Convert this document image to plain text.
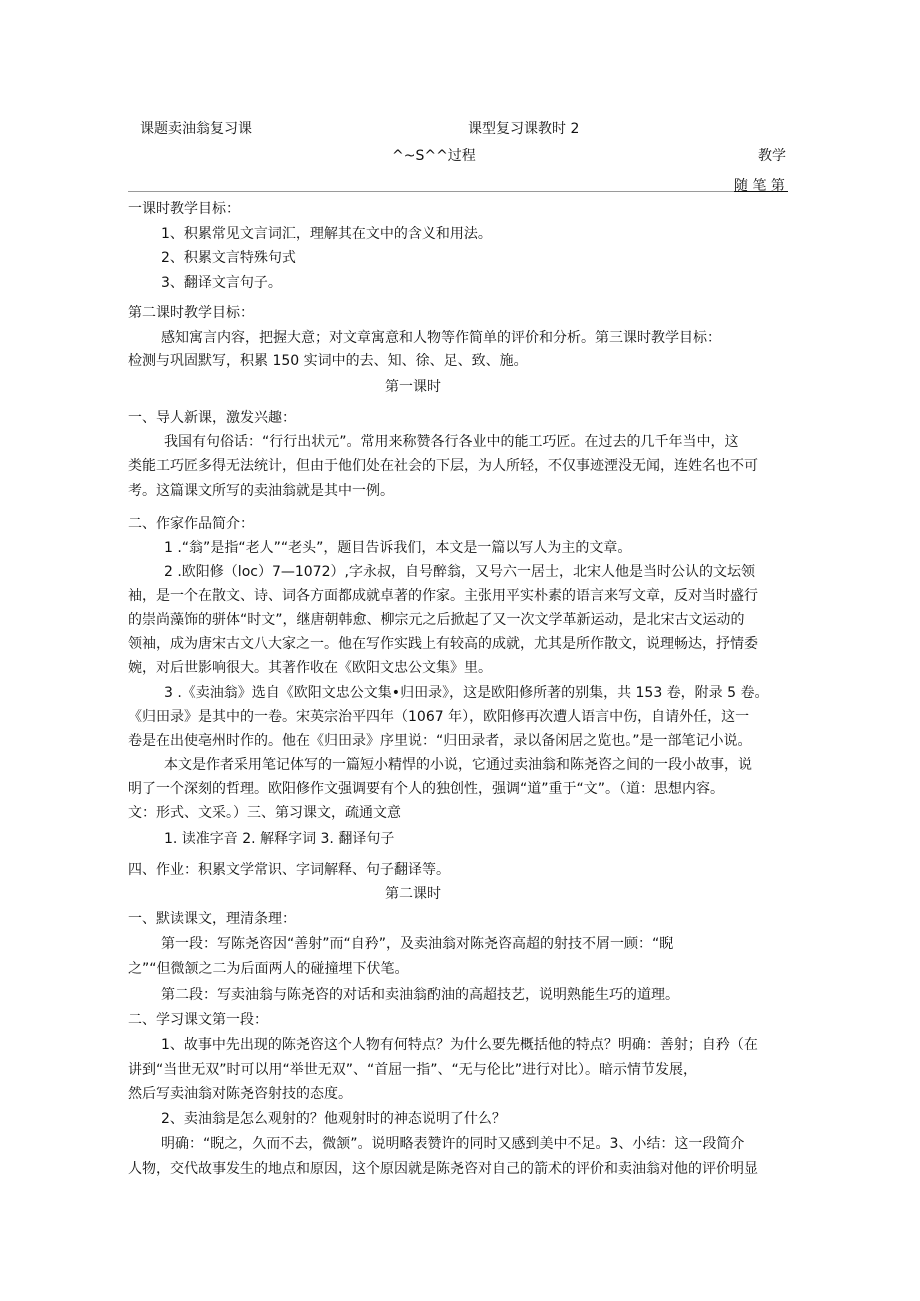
课题卖油翁复习课	课型复习课教时 2
^~S^^过程	教学
随 笔 第
一课时教学目标：
1、积累常见文言词汇，理解其在文中的含义和用法。
2、积累文言特殊句式
3、翻译文言句子。
第二课时教学目标：
感知寓言内容，把握大意；对文章寓意和人物等作简单的评价和分析。第三课时教学目标：
检测与巩固默写，积累 150 实词中的去、知、徐、足、致、施。
第一课时
一、导人新课，激发兴趣：
我国有句俗话：“行行出状元”。常用来称赞各行各业中的能工巧匠。在过去的几千年当中，这
类能工巧匠多得无法统计，但由于他们处在社会的下层，为人所轻，不仅事迹湮没无闻，连姓名也不可
考。这篇课文所写的卖油翁就是其中一例。
二、作家作品简介：
1 .“翁”是指“老人”“老头”，题目告诉我们，本文是一篇以写人为主的文章。
2 .欧阳修（loc）7—1072）,字永叔，自号醉翁，又号六一居士，北宋人他是当时公认的文坛领
袖，是一个在散文、诗、词各方面都成就卓著的作家。主张用平实朴素的语言来写文章，反对当时盛行
的崇尚藻饰的骈体“时文”，继唐朝韩愈、柳宗元之后掀起了又一次文学革新运动，是北宋古文运动的
领袖，成为唐宋古文八大家之一。他在写作实践上有较高的成就，尤其是所作散文，说理畅达，抒情委
婉，对后世影响很大。其著作收在《欧阳文忠公文集》里。
3 .《卖油翁》选自《欧阳文忠公文集•归田录》，这是欧阳修所著的别集，共 153 卷，附录 5 卷。
《归田录》是其中的一卷。宋英宗治平四年（1067 年），欧阳修再次遭人语言中伤，自请外任，这一
卷是在出使亳州时作的。他在《归田录》序里说：“归田录者，录以备闲居之览也。”是一部笔记小说。
本文是作者采用笔记体写的一篇短小精悍的小说，它通过卖油翁和陈尧咨之间的一段小故事，说
明了一个深刻的哲理。欧阳修作文强调要有个人的独创性，强调“道”重于“文”。（道：思想内容。
文：形式、文采。）三、第习课文，疏通文意
1. 读准字音 2. 解释字词 3. 翻译句子
四、作业：积累文学常识、字词解释、句子翻译等。
第二课时
一、默读课文，理清条理：
第一段：写陈尧咨因“善射”而“自矜”，及卖油翁对陈尧咨高超的射技不屑一顾：“睨
之”“但微颔之二为后面两人的碰撞埋下伏笔。
第二段：写卖油翁与陈尧咨的对话和卖油翁酌油的高超技艺，说明熟能生巧的道理。
二、学习课文第一段：
1、故事中先出现的陈尧咨这个人物有何特点？为什么要先概括他的特点？明确：善射；自矜（在
讲到“当世无双”时可以用“举世无双”、“首屈一指”、“无与伦比”进行对比）。暗示情节发展，
然后写卖油翁对陈尧咨射技的态度。
2、卖油翁是怎么观射的？他观射时的神态说明了什么？
明确：“睨之，久而不去，微颔”。说明略表赞许的同时又感到美中不足。3、小结：这一段简介
人物，交代故事发生的地点和原因，这个原因就是陈尧咨对自己的箭术的评价和卖油翁对他的评价明显
